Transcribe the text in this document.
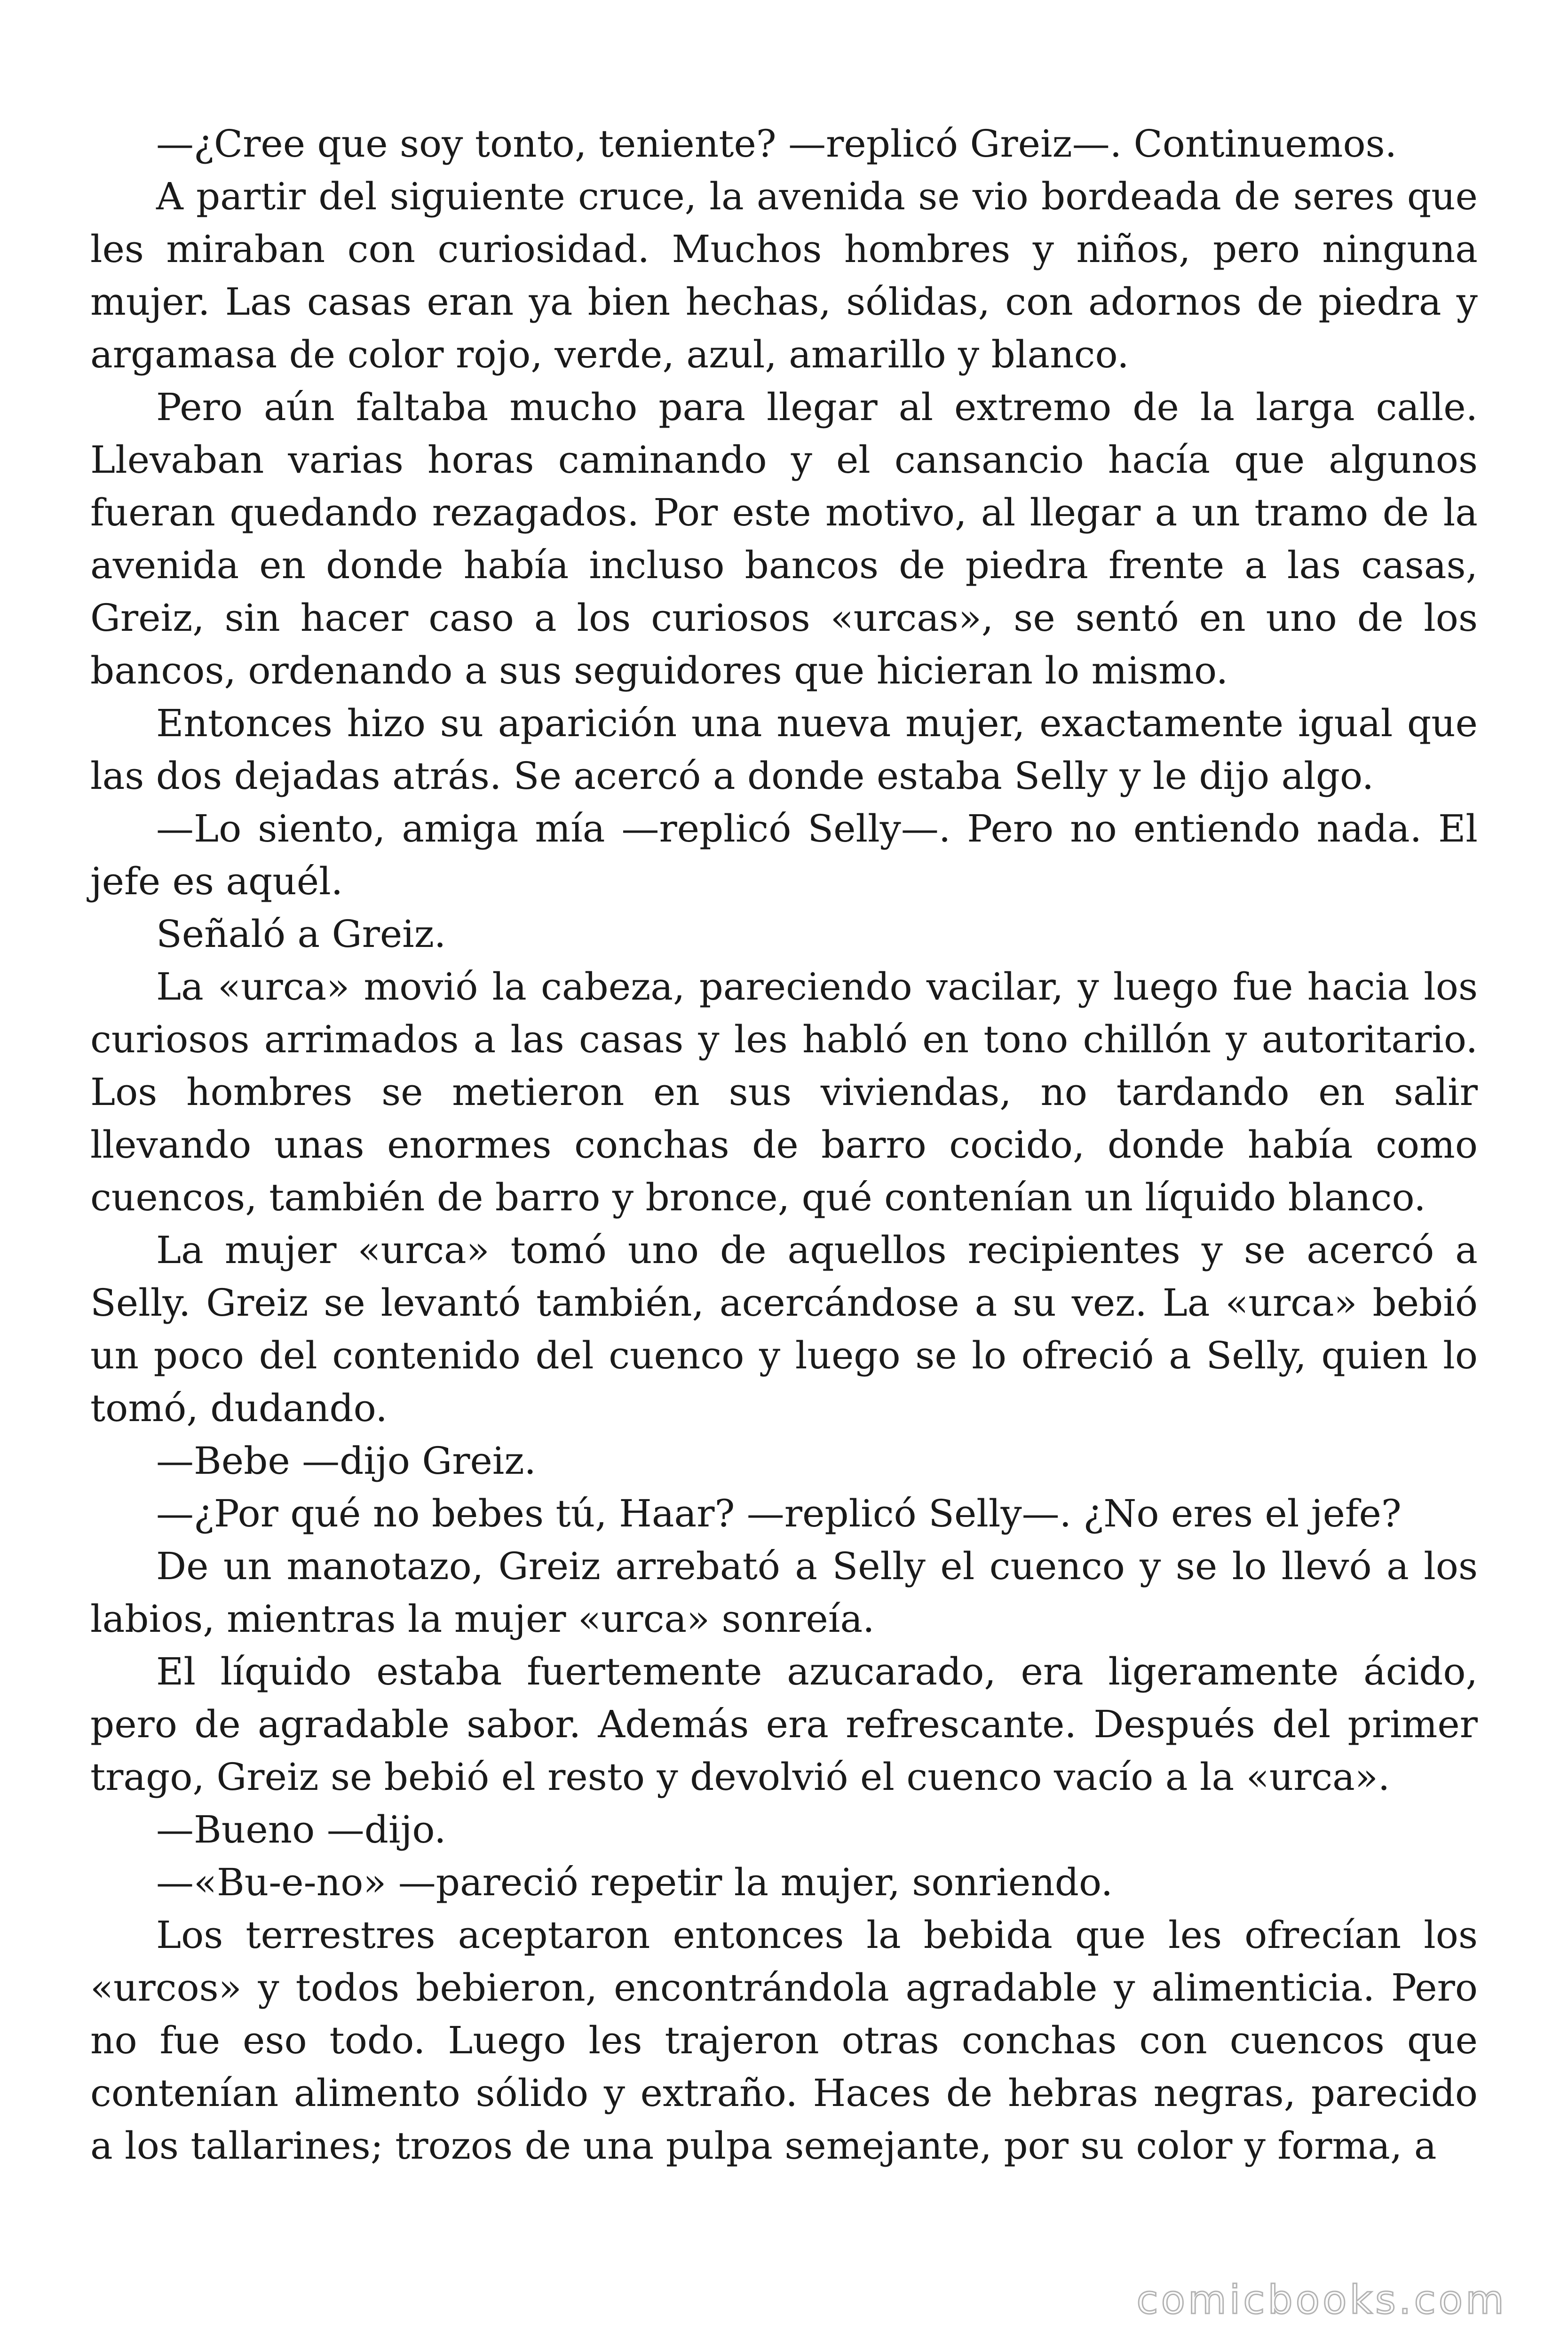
—¿Cree que soy tonto, teniente? —replicó Greiz—. Continuemos.

A partir del siguiente cruce, la avenida se vio bordeada de seres que les miraban con curiosidad. Muchos hombres y niños, pero ninguna mujer. Las casas eran ya bien hechas, sólidas, con adornos de piedra y argamasa de color rojo, verde, azul, amarillo y blanco.

Pero aún faltaba mucho para llegar al extremo de la larga calle. Llevaban varias horas caminando y el cansancio hacía que algunos fueran quedando rezagados. Por este motivo, al llegar a un tramo de la avenida en donde había incluso bancos de piedra frente a las casas, Greiz, sin hacer caso a los curiosos «urcas», se sentó en uno de los bancos, ordenando a sus seguidores que hicieran lo mismo.

Entonces hizo su aparición una nueva mujer, exactamente igual que las dos dejadas atrás. Se acercó a donde estaba Selly y le dijo algo.

—Lo siento, amiga mía —replicó Selly—. Pero no entiendo nada. El jefe es aquél.

Señaló a Greiz.

La «urca» movió la cabeza, pareciendo vacilar, y luego fue hacia los curiosos arrimados a las casas y les habló en tono chillón y autoritario. Los hombres se metieron en sus viviendas, no tardando en salir llevando unas enormes conchas de barro cocido, donde había como cuencos, también de barro y bronce, qué contenían un líquido blanco.

La mujer «urca» tomó uno de aquellos recipientes y se acercó a Selly. Greiz se levantó también, acercándose a su vez. La «urca» bebió un poco del contenido del cuenco y luego se lo ofreció a Selly, quien lo tomó, dudando.

—Bebe —dijo Greiz.

—¿Por qué no bebes tú, Haar? —replicó Selly—. ¿No eres el jefe?

De un manotazo, Greiz arrebató a Selly el cuenco y se lo llevó a los labios, mientras la mujer «urca» sonreía.

El líquido estaba fuertemente azucarado, era ligeramente ácido, pero de agradable sabor. Además era refrescante. Después del primer trago, Greiz se bebió el resto y devolvió el cuenco vacío a la «urca».

—Bueno —dijo.

—«Bu-e-no» —pareció repetir la mujer, sonriendo.

Los terrestres aceptaron entonces la bebida que les ofrecían los «urcos» y todos bebieron, encontrándola agradable y alimenticia. Pero no fue eso todo. Luego les trajeron otras conchas con cuencos que contenían alimento sólido y extraño. Haces de hebras negras, parecido a los tallarines; trozos de una pulpa semejante, por su color y forma, a

comicbooks.com
